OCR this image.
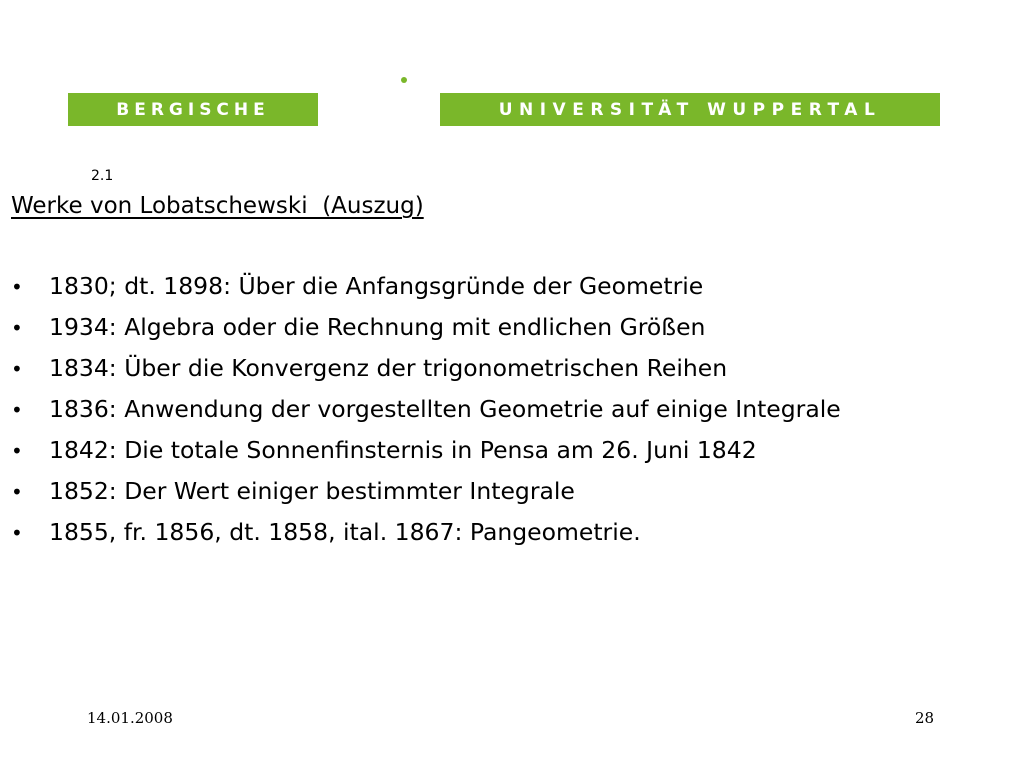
BERGISCHE	UNIVERSITÄT WUPPERTAL
2.1
Werke von Lobatschewski  (Auszug)
•	1830; dt. 1898: Über die Anfangsgründe der Geometrie
•	1934: Algebra oder die Rechnung mit endlichen Größen
•	1834: Über die Konvergenz der trigonometrischen Reihen
•	1836: Anwendung der vorgestellten Geometrie auf einige Integrale
•	1842: Die totale Sonnenfinsternis in Pensa am 26. Juni 1842
•	1852: Der Wert einiger bestimmter Integrale
•	1855, fr. 1856, dt. 1858, ital. 1867: Pangeometrie.
14.01.2008	28
